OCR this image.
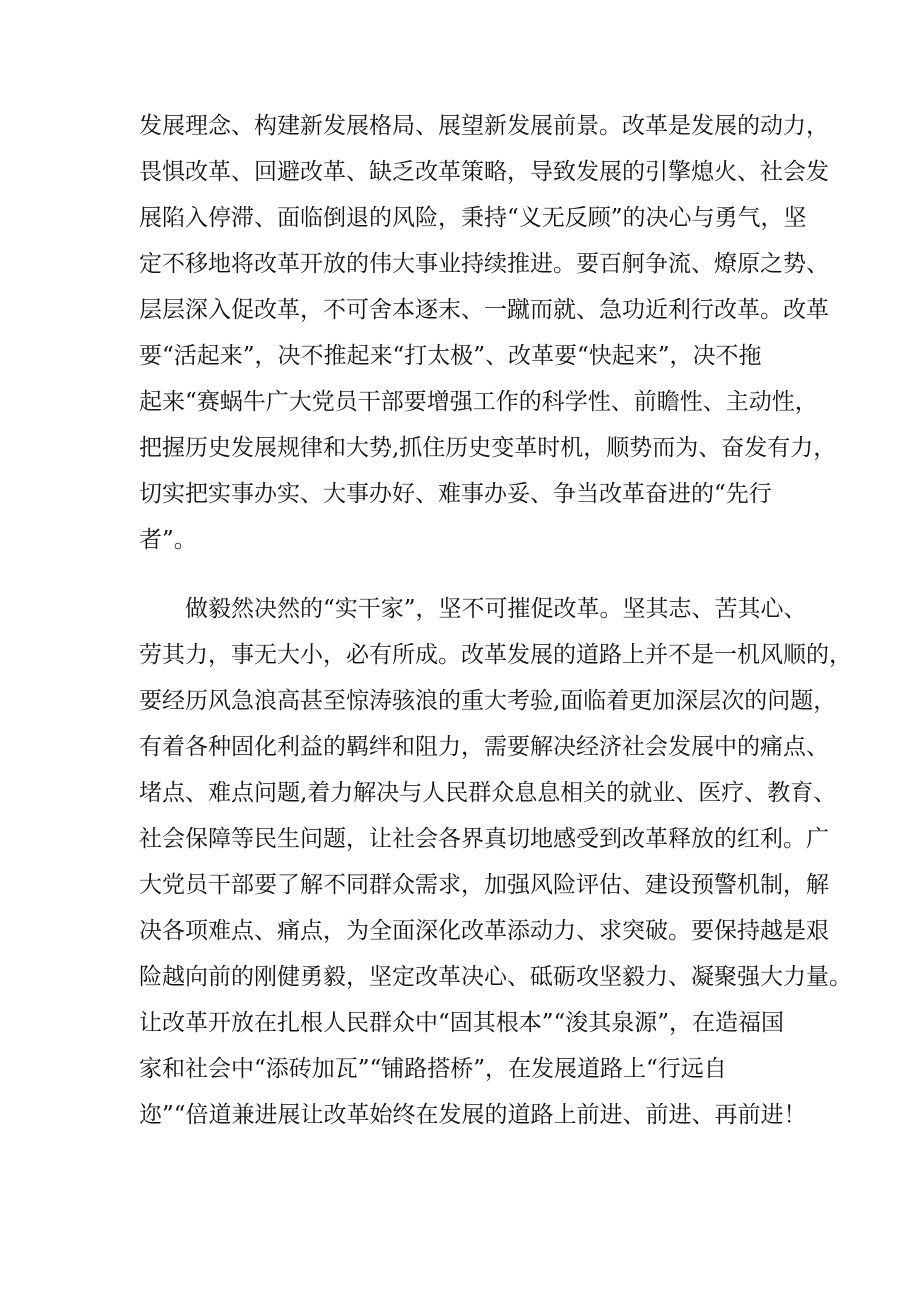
发展理念、构建新发展格局、展望新发展前景。改革是发展的动力，
畏惧改革、回避改革、缺乏改革策略，导致发展的引擎熄火、社会发
展陷入停滞、面临倒退的风险，秉持“义无反顾”的决心与勇气，坚
定不移地将改革开放的伟大事业持续推进。要百舸争流、燎原之势、
层层深入促改革，不可舍本逐末、一蹴而就、急功近利行改革。改革
要“活起来”，决不推起来“打太极”、改革要“快起来”，决不拖
起来“赛蜗牛广大党员干部要增强工作的科学性、前瞻性、主动性，
把握历史发展规律和大势,抓住历史变革时机，顺势而为、奋发有力，
切实把实事办实、大事办好、难事办妥、争当改革奋进的“先行
者”。
做毅然决然的“实干家”，坚不可摧促改革。坚其志、苦其心、
劳其力，事无大小，必有所成。改革发展的道路上并不是一机风顺的，
要经历风急浪高甚至惊涛骇浪的重大考验,面临着更加深层次的问题，
有着各种固化利益的羁绊和阻力，需要解决经济社会发展中的痛点、
堵点、难点问题,着力解决与人民群众息息相关的就业、医疗、教育、
社会保障等民生问题，让社会各界真切地感受到改革释放的红利。广
大党员干部要了解不同群众需求，加强风险评估、建设预警机制，解
决各项难点、痛点，为全面深化改革添动力、求突破。要保持越是艰
险越向前的刚健勇毅，坚定改革决心、砥砺攻坚毅力、凝聚强大力量。
让改革开放在扎根人民群众中“固其根本”“浚其泉源”，在造福国
家和社会中“添砖加瓦”“铺路搭桥”，在发展道路上“行远自
迩”“倍道兼进展让改革始终在发展的道路上前进、前进、再前进！
